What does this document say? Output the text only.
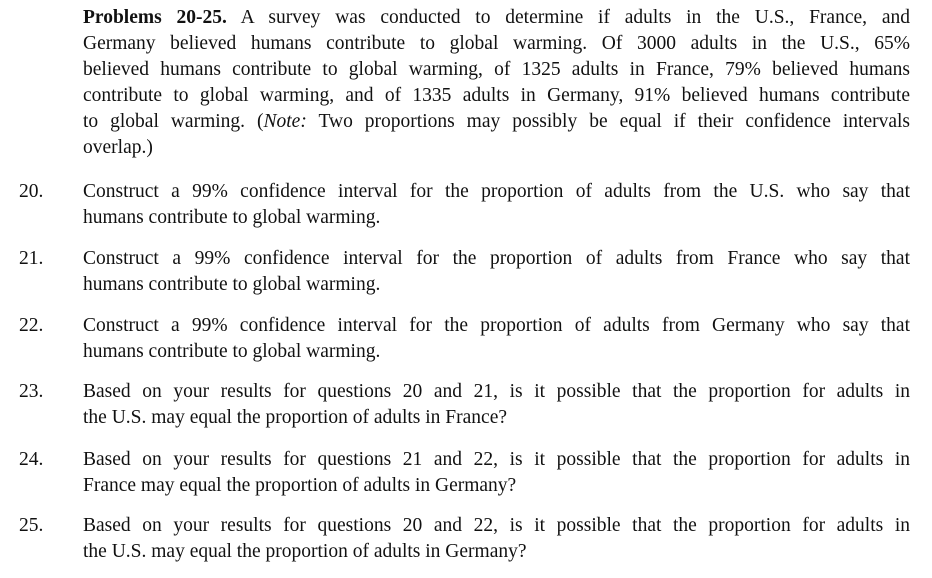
Problems 20-25. A survey was conducted to determine if adults in the U.S., France, and
Germany believed humans contribute to global warming. Of 3000 adults in the U.S., 65%
believed humans contribute to global warming, of 1325 adults in France, 79% believed humans
contribute to global warming, and of 1335 adults in Germany, 91% believed humans contribute
to global warming. (Note: Two proportions may possibly be equal if their confidence intervals
overlap.)
20.	Construct a 99% confidence interval for the proportion of adults from the U.S. who say that
humans contribute to global warming.
21.	Construct a 99% confidence interval for the proportion of adults from France who say that
humans contribute to global warming.
22.	Construct a 99% confidence interval for the proportion of adults from Germany who say that
humans contribute to global warming.
23.	Based on your results for questions 20 and 21, is it possible that the proportion for adults in
the U.S. may equal the proportion of adults in France?
24.	Based on your results for questions 21 and 22, is it possible that the proportion for adults in
France may equal the proportion of adults in Germany?
25.	Based on your results for questions 20 and 22, is it possible that the proportion for adults in
the U.S. may equal the proportion of adults in Germany?
